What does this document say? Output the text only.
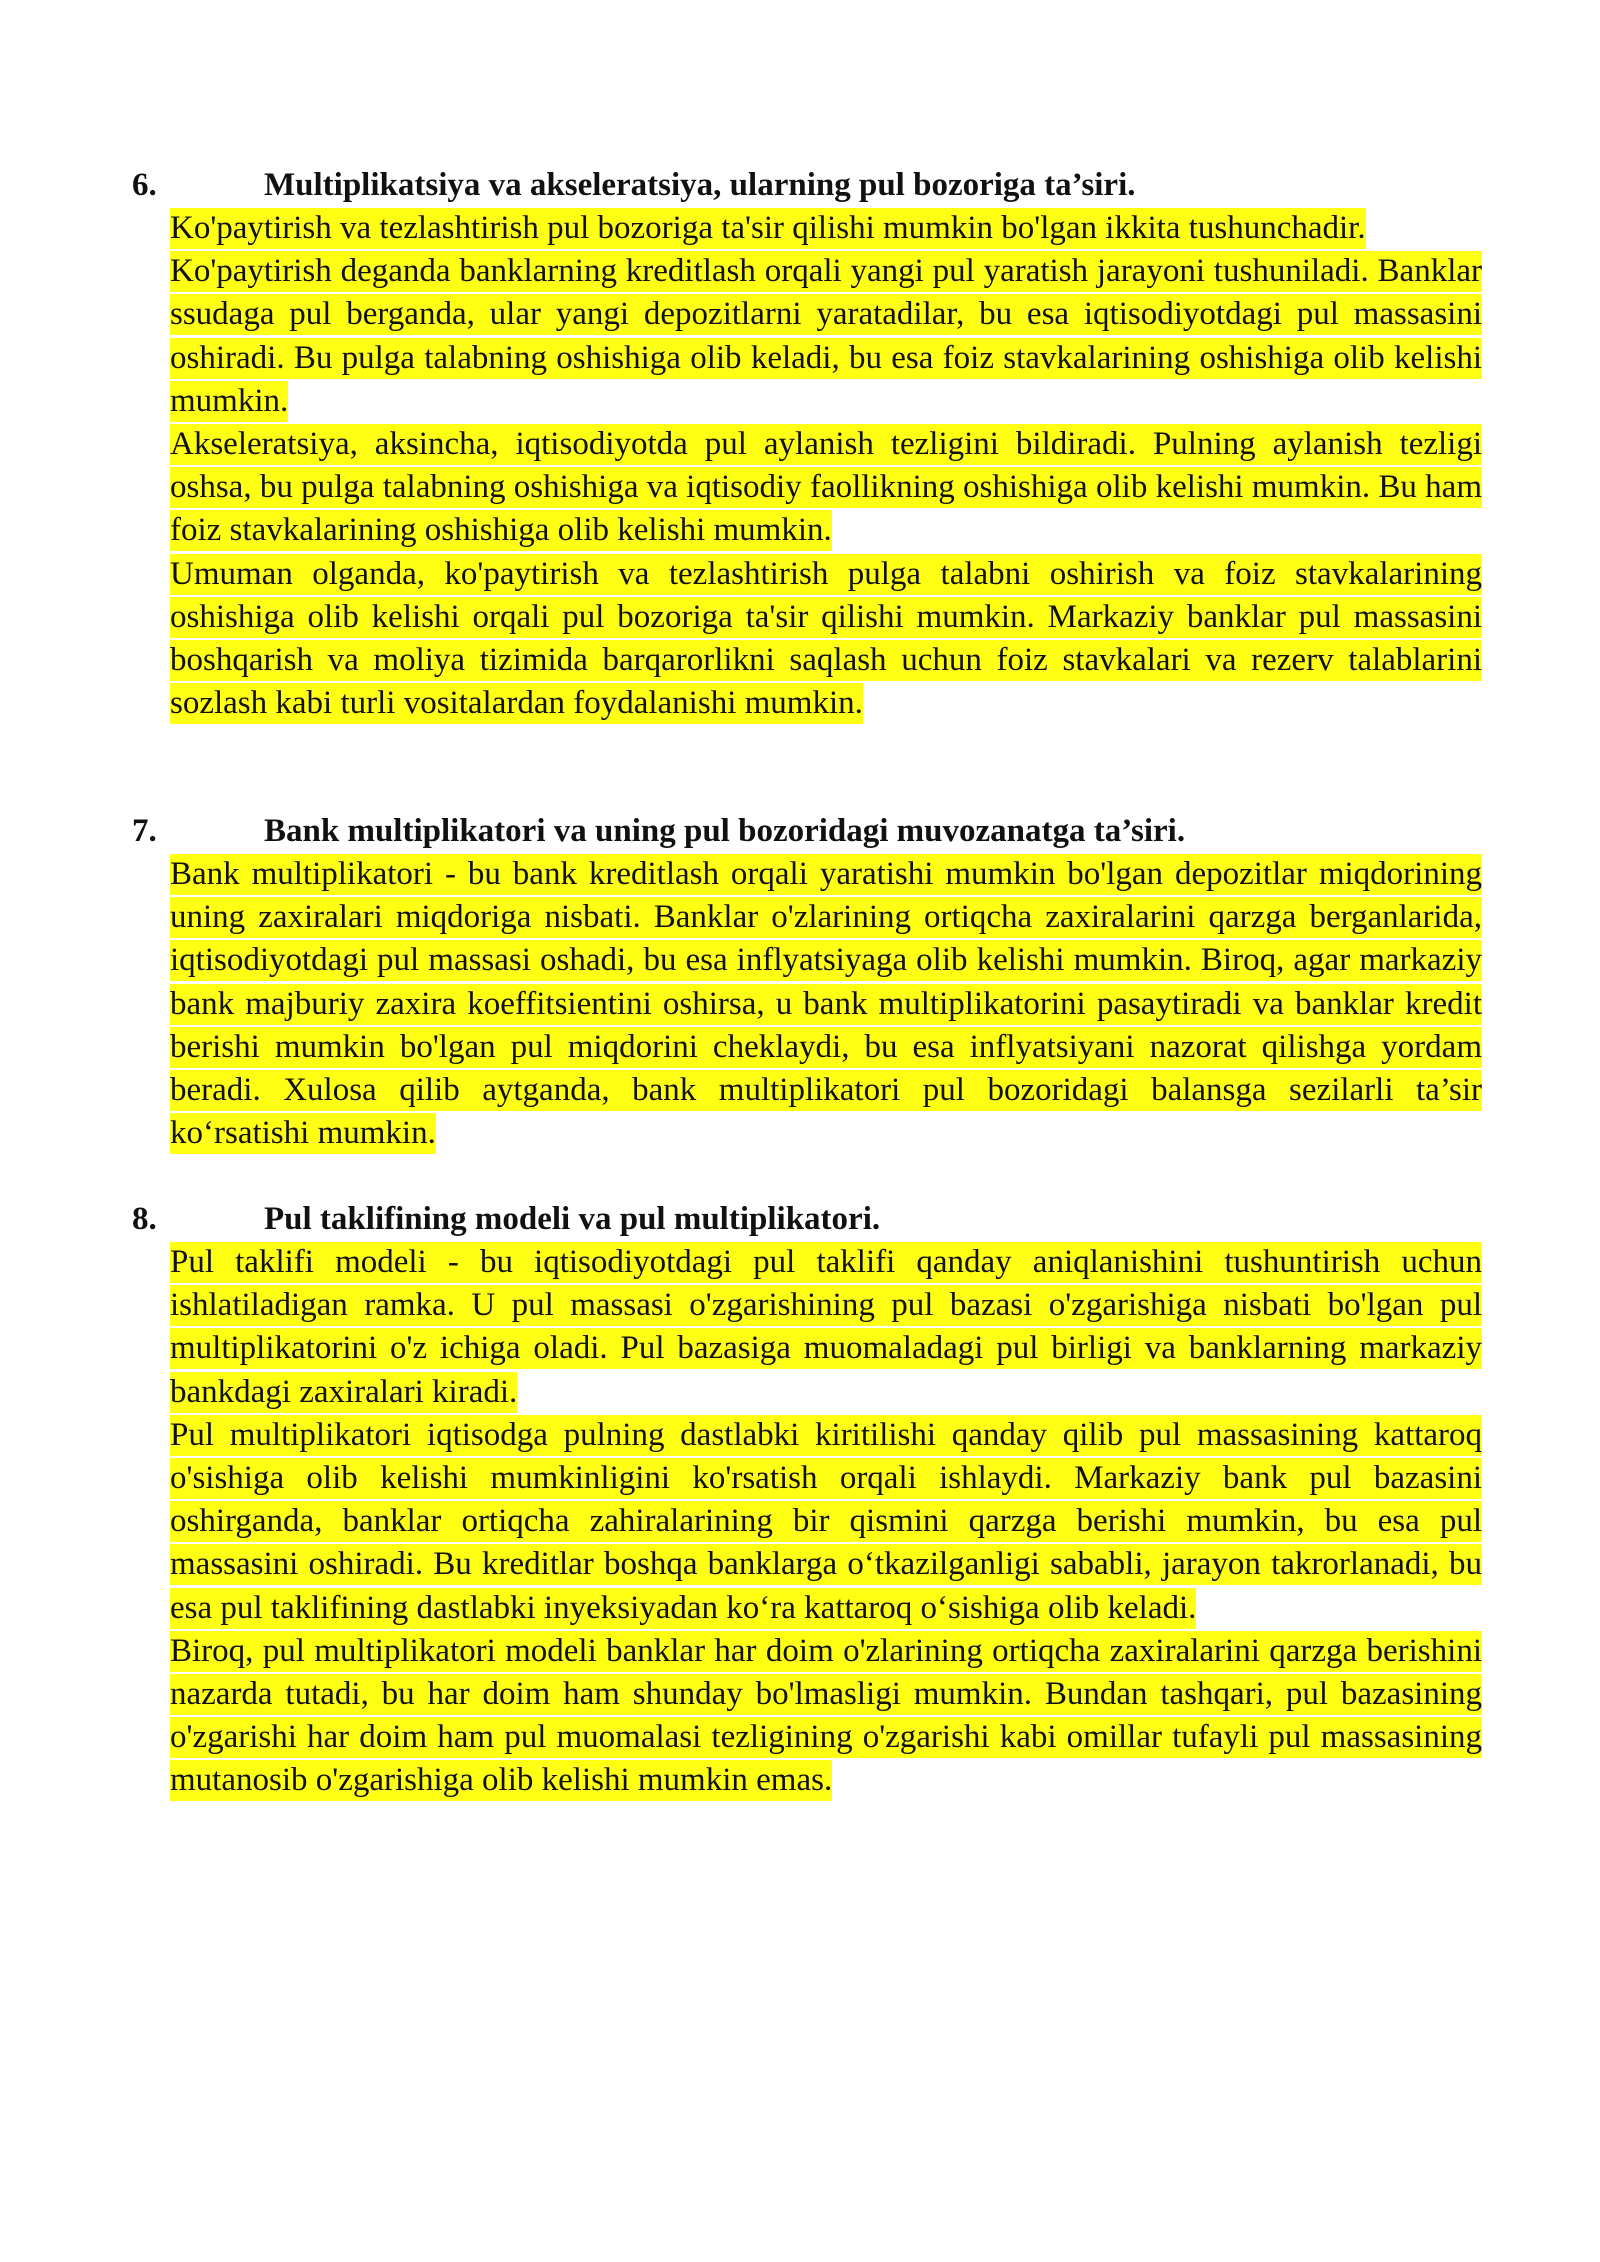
6.	Multiplikatsiya va akseleratsiya, ularning pul bozoriga ta’siri.

Ko'paytirish va tezlashtirish pul bozoriga ta'sir qilishi mumkin bo'lgan ikkita tushunchadir.

Ko'paytirish deganda banklarning kreditlash orqali yangi pul yaratish jarayoni tushuniladi. Banklar ssudaga pul berganda, ular yangi depozitlarni yaratadilar, bu esa iqtisodiyotdagi pul massasini oshiradi. Bu pulga talabning oshishiga olib keladi, bu esa foiz stavkalarining oshishiga olib kelishi mumkin.

Akseleratsiya, aksincha, iqtisodiyotda pul aylanish tezligini bildiradi. Pulning aylanish tezligi oshsa, bu pulga talabning oshishiga va iqtisodiy faollikning oshishiga olib kelishi mumkin. Bu ham foiz stavkalarining oshishiga olib kelishi mumkin.

Umuman olganda, ko'paytirish va tezlashtirish pulga talabni oshirish va foiz stavkalarining oshishiga olib kelishi orqali pul bozoriga ta'sir qilishi mumkin. Markaziy banklar pul massasini boshqarish va moliya tizimida barqarorlikni saqlash uchun foiz stavkalari va rezerv talablarini sozlash kabi turli vositalardan foydalanishi mumkin.

7.	Bank multiplikatori va uning pul bozoridagi muvozanatga ta’siri.

Bank multiplikatori - bu bank kreditlash orqali yaratishi mumkin bo'lgan depozitlar miqdorining uning zaxiralari miqdoriga nisbati. Banklar o'zlarining ortiqcha zaxiralarini qarzga berganlarida, iqtisodiyotdagi pul massasi oshadi, bu esa inflyatsiyaga olib kelishi mumkin. Biroq, agar markaziy bank majburiy zaxira koeffitsientini oshirsa, u bank multiplikatorini pasaytiradi va banklar kredit berishi mumkin bo'lgan pul miqdorini cheklaydi, bu esa inflyatsiyani nazorat qilishga yordam beradi. Xulosa qilib aytganda, bank multiplikatori pul bozoridagi balansga sezilarli ta’sir ko‘rsatishi mumkin.

8.	Pul taklifining modeli va pul multiplikatori.

Pul taklifi modeli - bu iqtisodiyotdagi pul taklifi qanday aniqlanishini tushuntirish uchun ishlatiladigan ramka. U pul massasi o'zgarishining pul bazasi o'zgarishiga nisbati bo'lgan pul multiplikatorini o'z ichiga oladi. Pul bazasiga muomaladagi pul birligi va banklarning markaziy bankdagi zaxiralari kiradi.

Pul multiplikatori iqtisodga pulning dastlabki kiritilishi qanday qilib pul massasining kattaroq o'sishiga olib kelishi mumkinligini ko'rsatish orqali ishlaydi. Markaziy bank pul bazasini oshirganda, banklar ortiqcha zahiralarining bir qismini qarzga berishi mumkin, bu esa pul massasini oshiradi. Bu kreditlar boshqa banklarga o‘tkazilganligi sababli, jarayon takrorlanadi, bu esa pul taklifining dastlabki inyeksiyadan ko‘ra kattaroq o‘sishiga olib keladi.

Biroq, pul multiplikatori modeli banklar har doim o'zlarining ortiqcha zaxiralarini qarzga berishini nazarda tutadi, bu har doim ham shunday bo'lmasligi mumkin. Bundan tashqari, pul bazasining o'zgarishi har doim ham pul muomalasi tezligining o'zgarishi kabi omillar tufayli pul massasining mutanosib o'zgarishiga olib kelishi mumkin emas.
